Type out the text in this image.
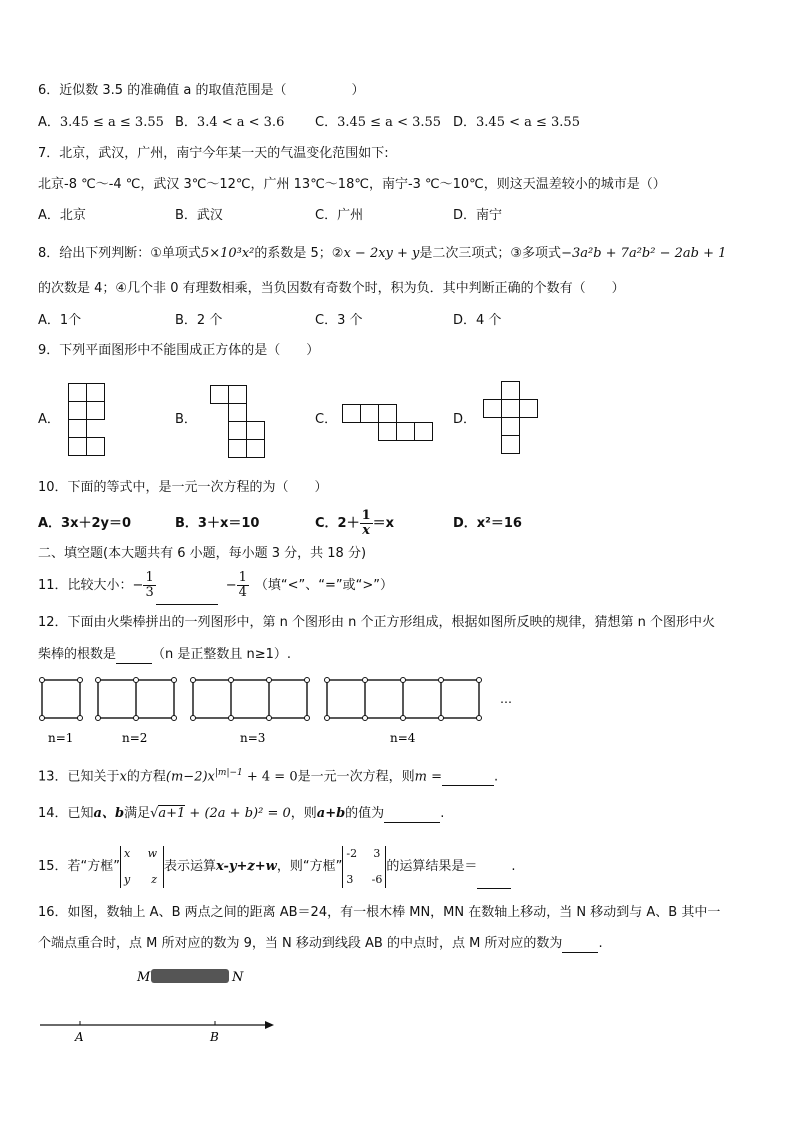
6．近似数 3.5 的准确值 a 的取值范围是（　　　　　）
A．3.45 ≤ a ≤ 3.55 B．3.4 < a < 3.6 C．3.45 ≤ a < 3.55 D．3.45 < a ≤ 3.55
7．北京，武汉，广州，南宁今年某一天的气温变化范围如下:
北京-8 ℃～-4 ℃，武汉 3℃～12℃，广州 13℃～18℃，南宁-3 ℃～10℃，则这天温差较小的城市是（）
A．北京	B．武汉	C．广州	D．南宁
8．给出下列判断：①单项式5×10³x²的系数是 5；②x − 2xy + y是二次三项式；③多项式−3a²b + 7a²b² − 2ab + 1
的次数是 4；④几个非 0 有理数相乘，当负因数有奇数个时，积为负．其中判断正确的个数有（　　）
A．1个	B．2 个	C．3 个	D．4 个
9．下列平面图形中不能围成正方体的是（　　）
A．	B．	C．	D．
10．下面的等式中，是一元一次方程的为（　　）
A．3x＋2y＝0	B．3＋x＝10	C．$2+ \frac{1}{x} =x$	D．x²＝16
二、填空题(本大题共有 6 小题，每小题 3 分，共 18 分)
11．比较大小：− $\frac{1}{3}$	− $\frac{1}{4}$ （填“<”、“=”或“>”）
12．下面由火柴棒拼出的一列图形中，第 n 个图形由 n 个正方形组成，根据如图所反映的规律，猜想第 n 个图形中火
柴棒的根数是	（n 是正整数且 n≥1）.
n=1	n=2	n=3	n=4
…
13．已知关于x的方程$(m-2)x^{|m|-1} + 4 = 0$是一元一次方程，则m =	.
14．已知a、b满足√a+1 + (2a + b)² = 0，则a+b的值为	.
15．若“方框”
x w
y z
表示运算x-y+z+w，则“方框”
-2 3
3 -6
的运算结果是＝	.
16．如图，数轴上 A、B 两点之间的距离 AB＝24，有一根木棒 MN，MN 在数轴上移动，当 N 移动到与 A、B 其中一
个端点重合时，点 M 所对应的数为 9，当 N 移动到线段 AB 的中点时，点 M 所对应的数为	.
M	N
A	B
